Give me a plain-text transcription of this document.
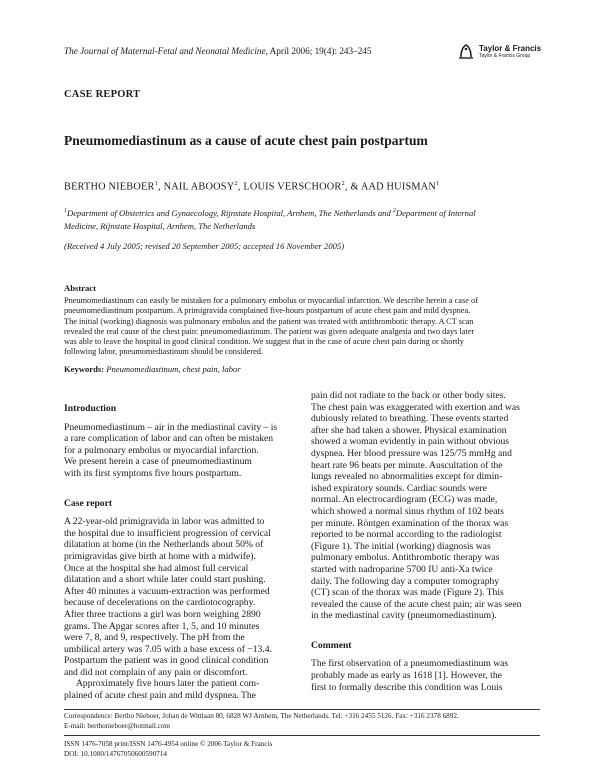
The Journal of Maternal-Fetal and Neonatal Medicine, April 2006; 19(4): 243–245	Taylor & Francis
Taylor & Francis Group
CASE REPORT
Pneumomediastinum as a cause of acute chest pain postpartum
BERTHO NIEBOER$^1$, NAIL ABOOSY$^2$, LOUIS VERSCHOOR$^2$, & AAD HUISMAN$^1$
$^1$Department of Obstetrics and Gynaecology, Rijnstate Hospital, Arnhem, The Netherlands and $^2$Department of Internal
Medicine, Rijnstate Hospital, Arnhem, The Netherlands
(Received 4 July 2005; revised 20 September 2005; accepted 16 November 2005)
Abstract
Pneumomediastinum can easily be mistaken for a pulmonary embolus or myocardial infarction. We describe herein a case of
pneumomediastinum postpartum. A primigravida complained five-hours postpartum of acute chest pain and mild dyspnea.
The initial (working) diagnosis was pulmonary embolus and the patient was treated with antithrombotic therapy. A CT scan
revealed the real cause of the chest pain: pneumomediastinum. The patient was given adequate analgesia and two days later
was able to leave the hospital in good clinical condition. We suggest that in the case of acute chest pain during or shortly
following labor, pneumomediastinum should be considered.
Keywords: Pneumomediastinum, chest pain, labor
Introduction
Pneumomediastinum – air in the mediastinal cavity – is
a rare complication of labor and can often be mistaken
for a pulmonary embolus or myocardial infarction.
We present herein a case of pneumomediastinum
with its first symptoms five hours postpartum.
Case report
A 22-year-old primigravida in labor was admitted to
the hospital due to insufficient progression of cervical
dilatation at home (in the Netherlands about 50% of
primigravidas give birth at home with a midwife).
Once at the hospital she had almost full cervical
dilatation and a short while later could start pushing.
After 40 minutes a vacuum-extraction was performed
because of decelerations on the cardiotocography.
After three tractions a girl was born weighing 2890
grams. The Apgar scores after 1, 5, and 10 minutes
were 7, 8, and 9, respectively. The pH from the
umbilical artery was 7.05 with a base excess of −13.4.
Postpartum the patient was in good clinical condition
and did not complain of any pain or discomfort.
Approximately five hours later the patient com-
plained of acute chest pain and mild dyspnea. The
pain did not radiate to the back or other body sites.
The chest pain was exaggerated with exertion and was
dubiously related to breathing. These events started
after she had taken a shower. Physical examination
showed a woman evidently in pain without obvious
dyspnea. Her blood pressure was 125/75 mmHg and
heart rate 96 beats per minute. Auscultation of the
lungs revealed no abnormalities except for dimin-
ished expiratory sounds. Cardiac sounds were
normal. An electrocardiogram (ECG) was made,
which showed a normal sinus rhythm of 102 beats
per minute. Röntgen examination of the thorax was
reported to be normal according to the radiologist
(Figure 1). The initial (working) diagnosis was
pulmonary embolus. Antithrombotic therapy was
started with nadroparine 5700 IU anti-Xa twice
daily. The following day a computer tomography
(CT) scan of the thorax was made (Figure 2). This
revealed the cause of the acute chest pain; air was seen
in the mediastinal cavity (pneumomediastinum).
Comment
The first observation of a pneumomediastinum was
probably made as early as 1618 [1]. However, the
first to formally describe this condition was Louis
Correspondence: Bertho Nieboer, Johan de Wittlaan 80, 6828 WJ Arnhem, The Netherlands. Tel: +316 2455 5126. Fax: +316 2378 6892.
E-mail: berthonieboer@hotmail.com
ISSN 1476-7058 print/ISSN 1476-4954 online © 2006 Taylor & Francis
DOI: 10.1080/14767050600590714
